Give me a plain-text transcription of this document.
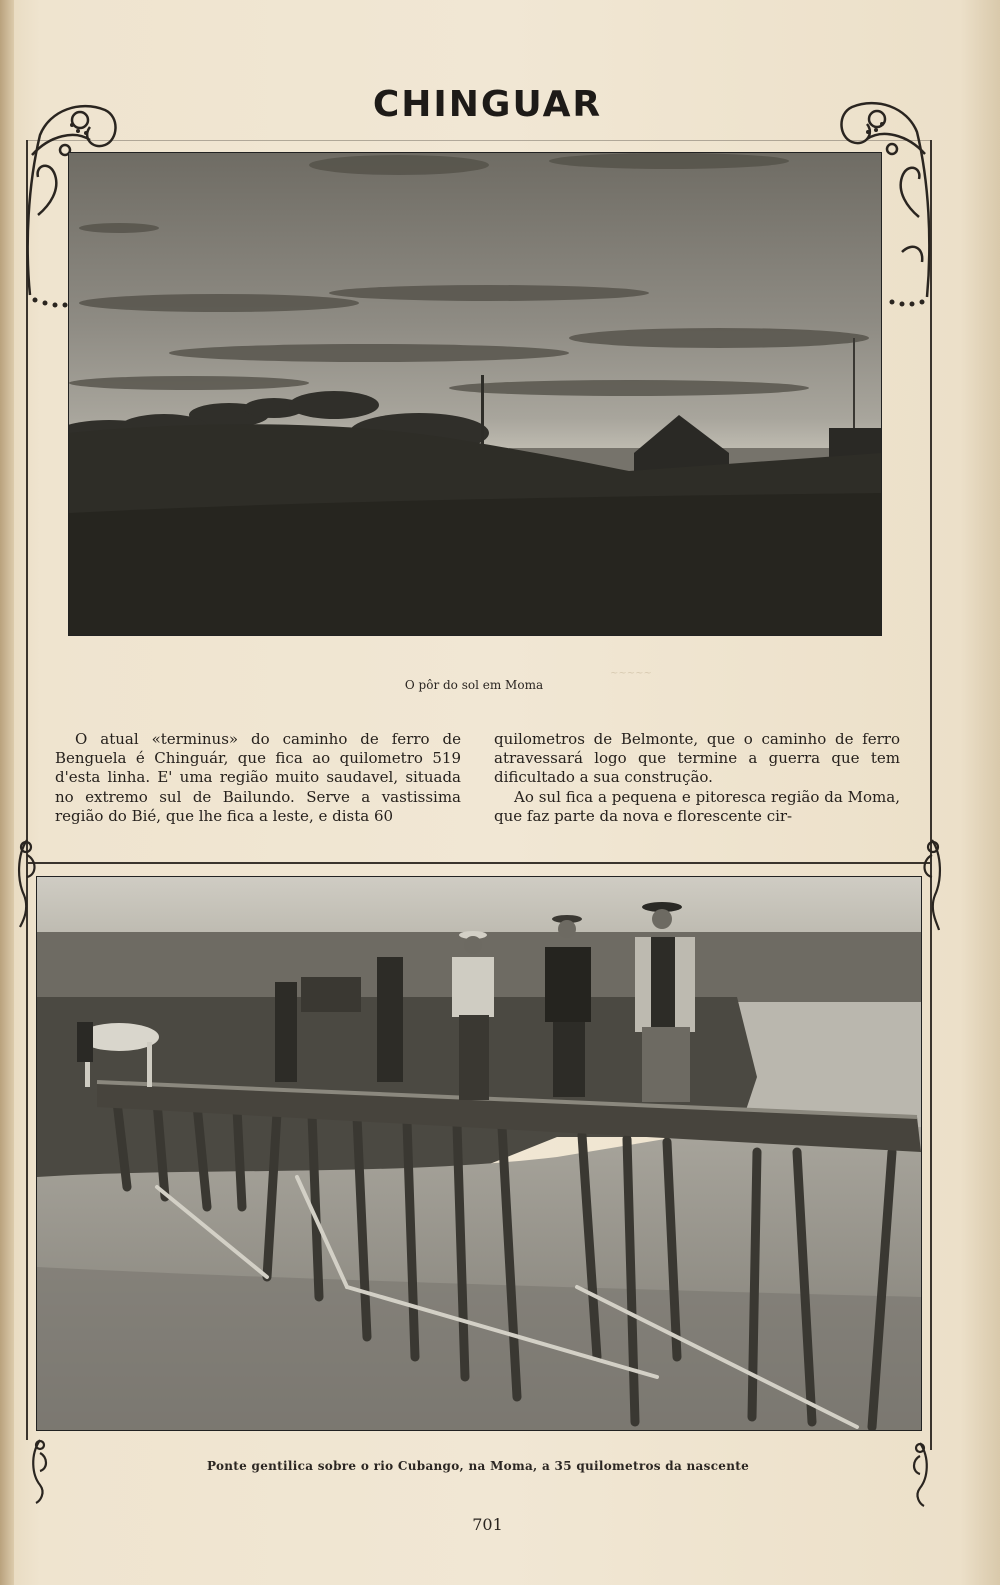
CHINGUAR
O pôr do sol em Moma
~~~~~

O atual «terminus» do caminho de ferro de Benguela é Chinguár, que fica ao quilometro 519 d'esta linha. E' uma região muito saudavel, situada no extremo sul de Bailundo. Serve a vastissima região do Bié, que lhe fica a leste, e dista 60

quilometros de Belmonte, que o caminho de ferro atravessará logo que termine a guerra que tem dificultado a sua construção.

Ao sul fica a pequena e pitoresca região da Moma, que faz parte da nova e florescente cir-

Ponte gentilica sobre o rio Cubango, na Moma, a 35 quilometros da nascente
701
